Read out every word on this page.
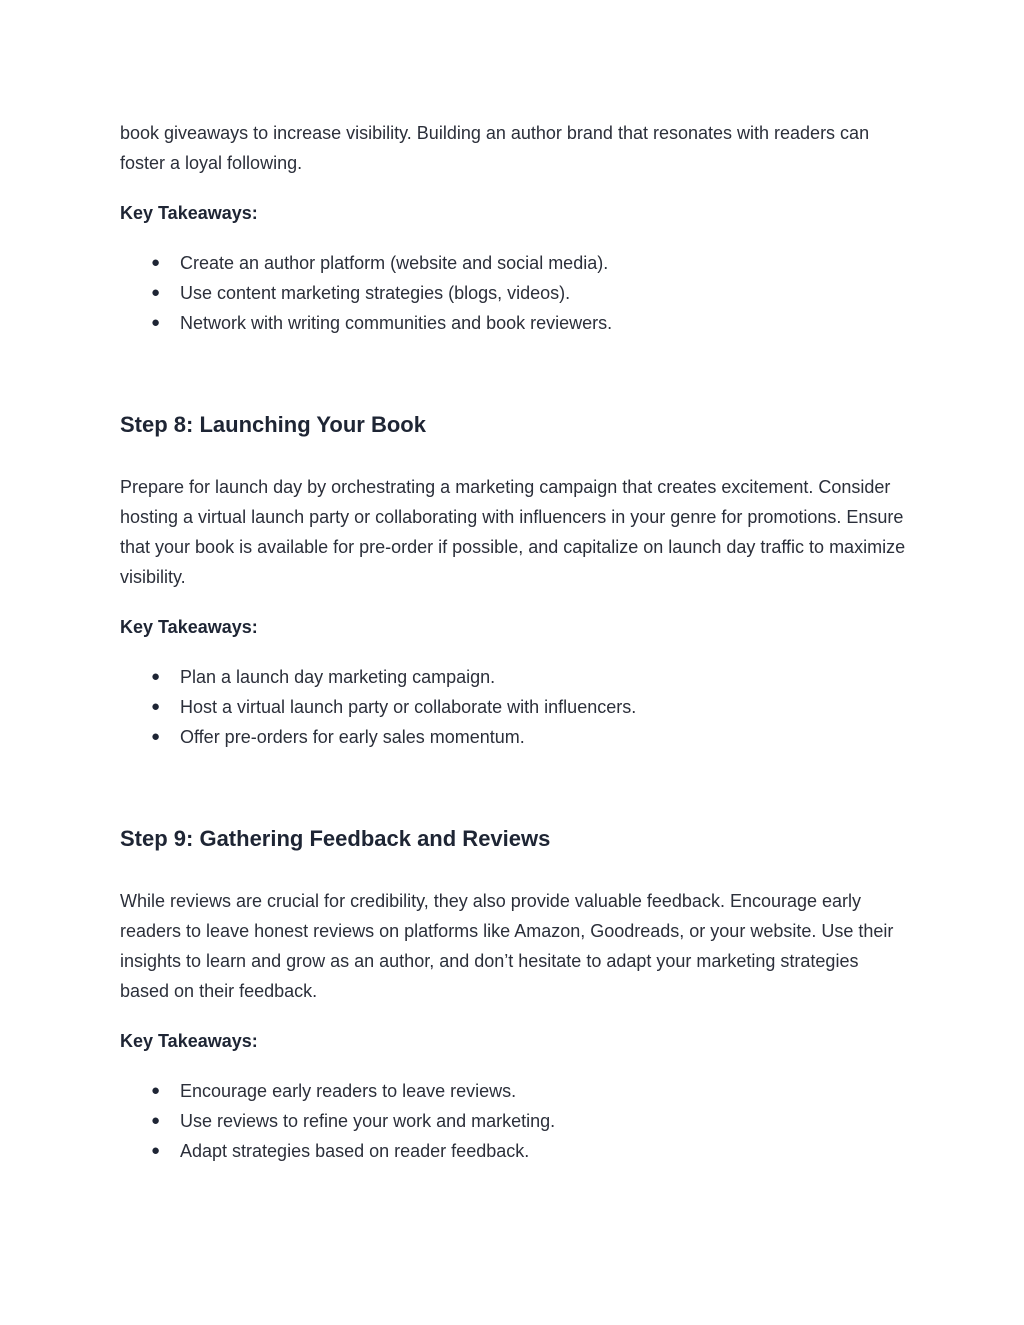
book giveaways to increase visibility. Building an author brand that resonates with readers can foster a loyal following.

Key Takeaways:

● Create an author platform (website and social media).
● Use content marketing strategies (blogs, videos).
● Network with writing communities and book reviewers.
Step 8: Launching Your Book

Prepare for launch day by orchestrating a marketing campaign that creates excitement. Consider hosting a virtual launch party or collaborating with influencers in your genre for promotions. Ensure that your book is available for pre-order if possible, and capitalize on launch day traffic to maximize visibility.

Key Takeaways:

● Plan a launch day marketing campaign.
● Host a virtual launch party or collaborate with influencers.
● Offer pre-orders for early sales momentum.
Step 9: Gathering Feedback and Reviews

While reviews are crucial for credibility, they also provide valuable feedback. Encourage early readers to leave honest reviews on platforms like Amazon, Goodreads, or your website. Use their insights to learn and grow as an author, and don’t hesitate to adapt your marketing strategies based on their feedback.

Key Takeaways:

● Encourage early readers to leave reviews.
● Use reviews to refine your work and marketing.
● Adapt strategies based on reader feedback.
